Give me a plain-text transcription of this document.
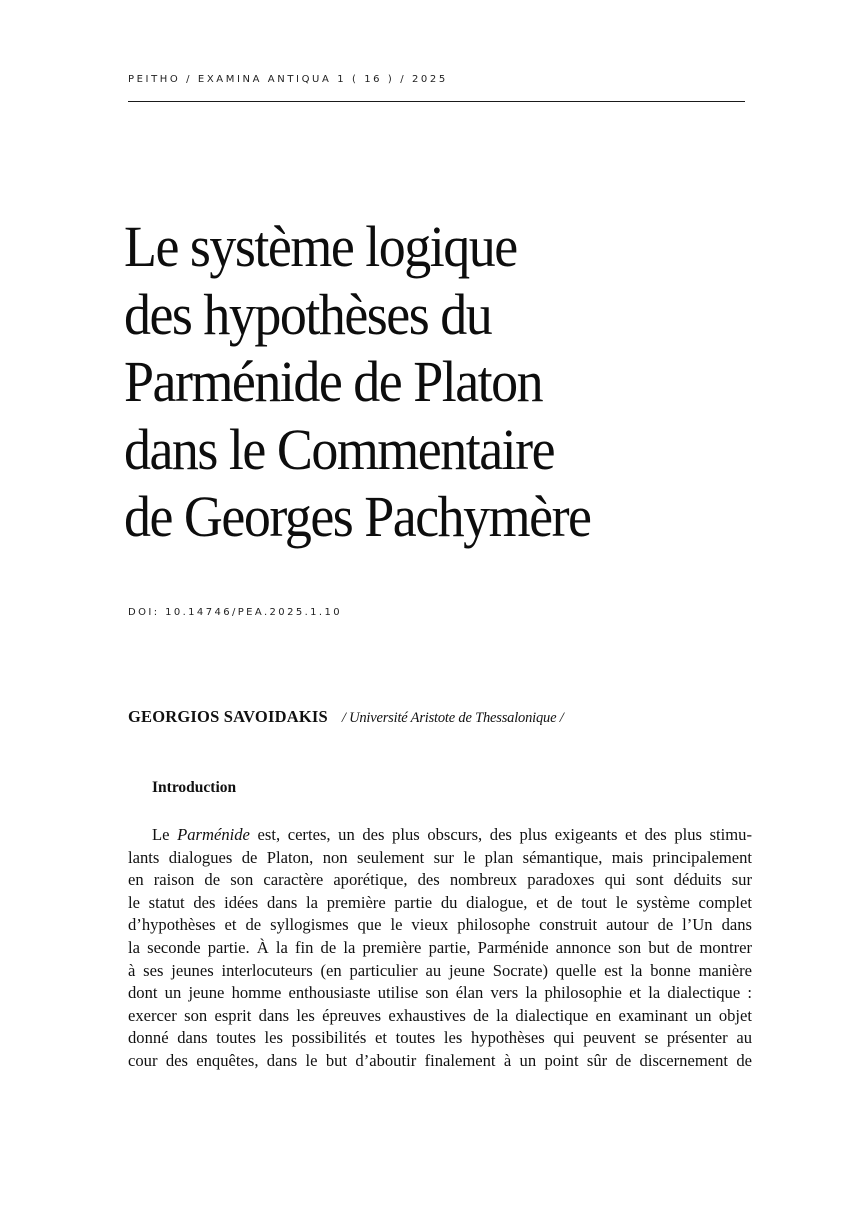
PEITHO / EXAMINA ANTIQUA 1 ( 16 ) / 2025
Le système logique
des hypothèses du
Parménide de Platon
dans le Commentaire
de Georges Pachymère
DOI: 10.14746/PEA.2025.1.10
GEORGIOS SAVOIDAKIS / Université Aristote de Thessalonique /
Introduction
Le Parménide est, certes, un des plus obscurs, des plus exigeants et des plus stimu-
lants dialogues de Platon, non seulement sur le plan sémantique, mais principalement
en raison de son caractère aporétique, des nombreux paradoxes qui sont déduits sur
le statut des idées dans la première partie du dialogue, et de tout le système complet
d’hypothèses et de syllogismes que le vieux philosophe construit autour de l’Un dans
la seconde partie. À la fin de la première partie, Parménide annonce son but de montrer
à ses jeunes interlocuteurs (en particulier au jeune Socrate) quelle est la bonne manière
dont un jeune homme enthousiaste utilise son élan vers la philosophie et la dialectique :
exercer son esprit dans les épreuves exhaustives de la dialectique en examinant un objet
donné dans toutes les possibilités et toutes les hypothèses qui peuvent se présenter au
cour des enquêtes, dans le but d’aboutir finalement à un point sûr de discernement de
